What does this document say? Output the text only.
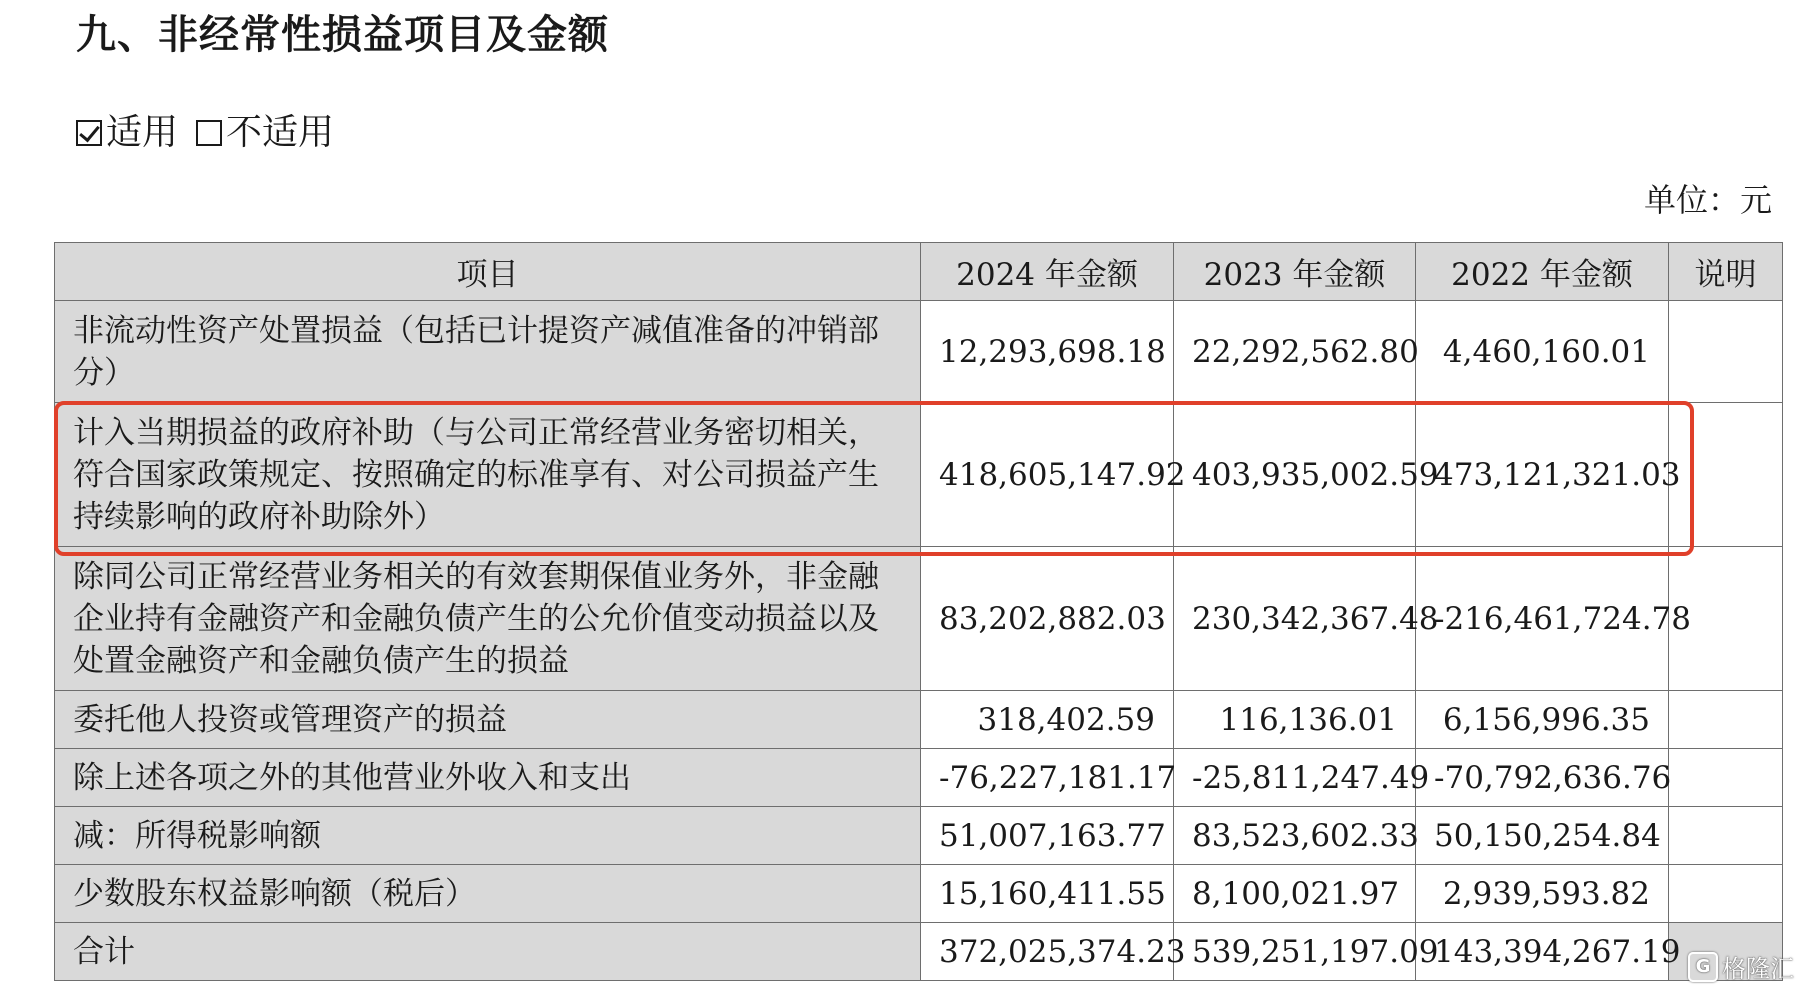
九、非经常性损益项目及金额
适用 不适用
单位：元
项目	2024 年金额	2023 年金额	2022 年金额	说明
非流动性资产处置损益（包括已计提资产减值准备的冲销部分）	12,293,698.18	22,292,562.80	4,460,160.01	
计入当期损益的政府补助（与公司正常经营业务密切相关，符合国家政策规定、按照确定的标准享有、对公司损益产生持续影响的政府补助除外）	418,605,147.92	403,935,002.59	473,121,321.03	
除同公司正常经营业务相关的有效套期保值业务外，非金融企业持有金融资产和金融负债产生的公允价值变动损益以及处置金融资产和金融负债产生的损益	83,202,882.03	230,342,367.48	-216,461,724.78	
委托他人投资或管理资产的损益	318,402.59	116,136.01	6,156,996.35	
除上述各项之外的其他营业外收入和支出	-76,227,181.17	-25,811,247.49	-70,792,636.76	
减：所得税影响额	51,007,163.77	83,523,602.33	50,150,254.84	
少数股东权益影响额（税后）	15,160,411.55	8,100,021.97	2,939,593.82	
合计	372,025,374.23	539,251,197.09	143,394,267.19	G 格隆汇
